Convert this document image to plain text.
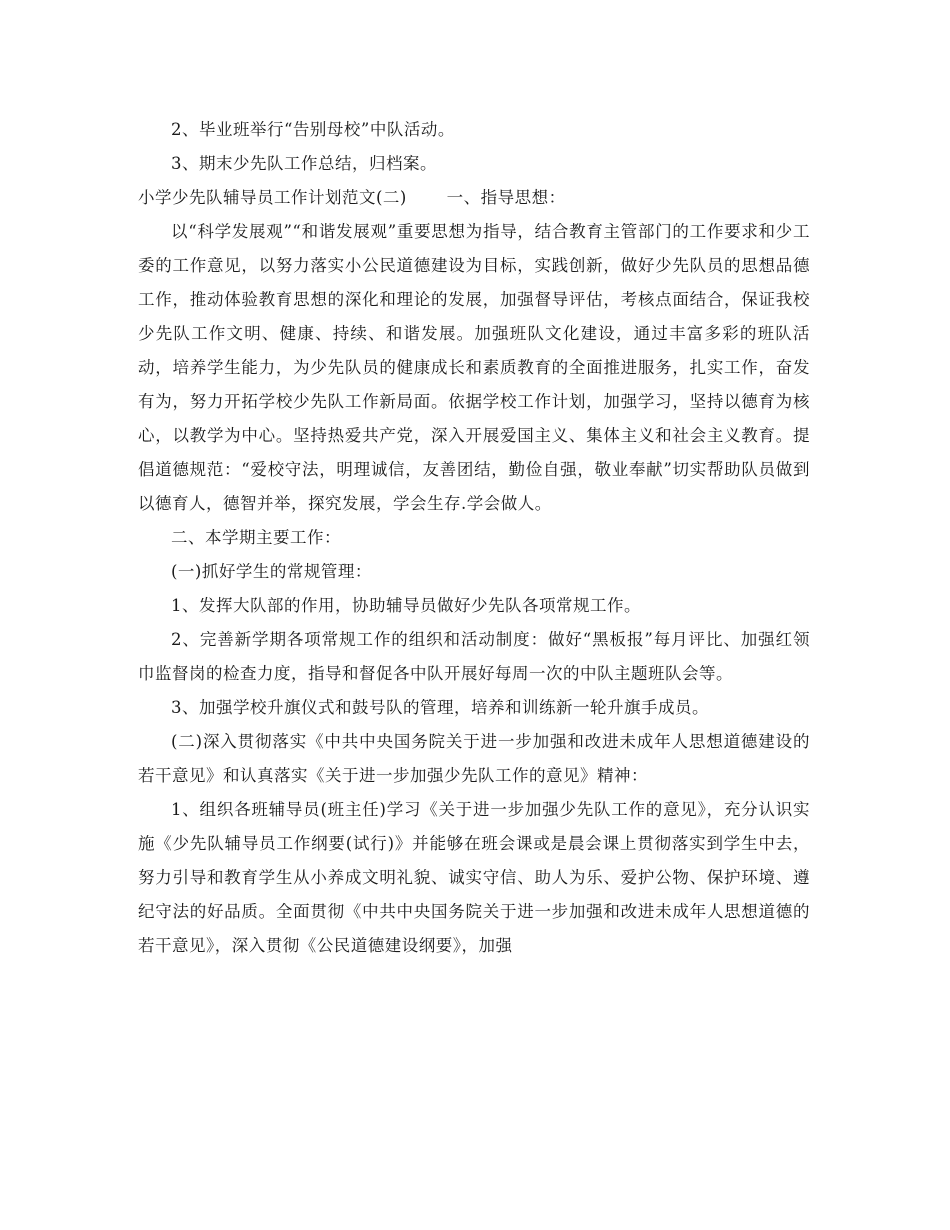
2、毕业班举行“告别母校”中队活动。

3、期末少先队工作总结，归档案。

小学少先队辅导员工作计划范文(二)　　 一、指导思想：

以“科学发展观”“和谐发展观”重要思想为指导，结合教育主管部门的工作要求和少工委的工作意见，以努力落实小公民道德建设为目标，实践创新，做好少先队员的思想品德工作，推动体验教育思想的深化和理论的发展，加强督导评估，考核点面结合，保证我校少先队工作文明、健康、持续、和谐发展。加强班队文化建设，通过丰富多彩的班队活动，培养学生能力，为少先队员的健康成长和素质教育的全面推进服务，扎实工作，奋发有为，努力开拓学校少先队工作新局面。依据学校工作计划，加强学习，坚持以德育为核心，以教学为中心。坚持热爱共产党，深入开展爱国主义、集体主义和社会主义教育。提倡道德规范：“爱校守法，明理诚信，友善团结，勤俭自强，敬业奉献”切实帮助队员做到以德育人，德智并举，探究发展，学会生存.学会做人。

二、本学期主要工作：

(一)抓好学生的常规管理：

1、发挥大队部的作用，协助辅导员做好少先队各项常规工作。

2、完善新学期各项常规工作的组织和活动制度：做好“黑板报”每月评比、加强红领巾监督岗的检查力度，指导和督促各中队开展好每周一次的中队主题班队会等。

3、加强学校升旗仪式和鼓号队的管理，培养和训练新一轮升旗手成员。

(二)深入贯彻落实《中共中央国务院关于进一步加强和改进未成年人思想道德建设的若干意见》和认真落实《关于进一步加强少先队工作的意见》精神：

1、组织各班辅导员(班主任)学习《关于进一步加强少先队工作的意见》，充分认识实施《少先队辅导员工作纲要(试行)》并能够在班会课或是晨会课上贯彻落实到学生中去，努力引导和教育学生从小养成文明礼貌、诚实守信、助人为乐、爱护公物、保护环境、遵纪守法的好品质。全面贯彻《中共中央国务院关于进一步加强和改进未成年人思想道德的若干意见》，深入贯彻《公民道德建设纲要》，加强
